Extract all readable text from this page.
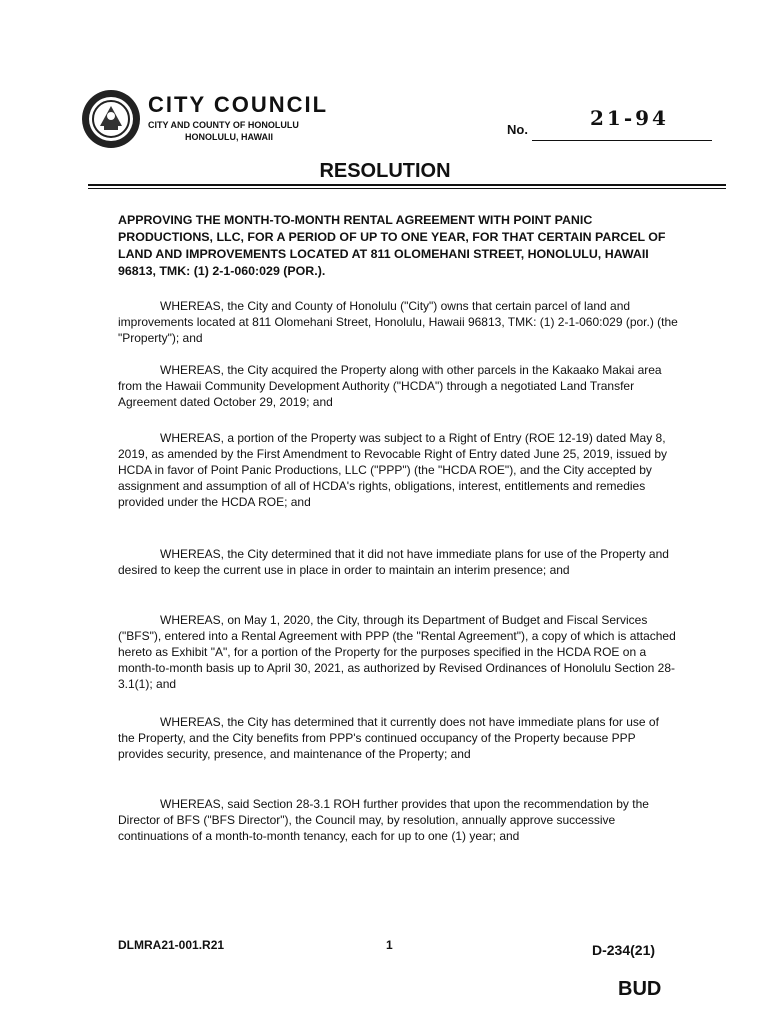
CITY COUNCIL
CITY AND COUNTY OF HONOLULU
HONOLULU, HAWAII	No.	21-94
RESOLUTION
APPROVING THE MONTH-TO-MONTH RENTAL AGREEMENT WITH POINT PANIC PRODUCTIONS, LLC, FOR A PERIOD OF UP TO ONE YEAR, FOR THAT CERTAIN PARCEL OF LAND AND IMPROVEMENTS LOCATED AT 811 OLOMEHANI STREET, HONOLULU, HAWAII 96813, TMK: (1) 2-1-060:029 (POR.).
WHEREAS, the City and County of Honolulu ("City") owns that certain parcel of land and improvements located at 811 Olomehani Street, Honolulu, Hawaii 96813, TMK: (1) 2-1-060:029 (por.) (the "Property"); and
WHEREAS, the City acquired the Property along with other parcels in the Kakaako Makai area from the Hawaii Community Development Authority ("HCDA") through a negotiated Land Transfer Agreement dated October 29, 2019; and
WHEREAS, a portion of the Property was subject to a Right of Entry (ROE 12-19) dated May 8, 2019, as amended by the First Amendment to Revocable Right of Entry dated June 25, 2019, issued by HCDA in favor of Point Panic Productions, LLC ("PPP") (the "HCDA ROE"), and the City accepted by assignment and assumption of all of HCDA's rights, obligations, interest, entitlements and remedies provided under the HCDA ROE; and
WHEREAS, the City determined that it did not have immediate plans for use of the Property and desired to keep the current use in place in order to maintain an interim presence; and
WHEREAS, on May 1, 2020, the City, through its Department of Budget and Fiscal Services ("BFS"), entered into a Rental Agreement with PPP (the "Rental Agreement"), a copy of which is attached hereto as Exhibit "A", for a portion of the Property for the purposes specified in the HCDA ROE on a month-to-month basis up to April 30, 2021, as authorized by Revised Ordinances of Honolulu Section 28-3.1(1); and
WHEREAS, the City has determined that it currently does not have immediate plans for use of the Property, and the City benefits from PPP's continued occupancy of the Property because PPP provides security, presence, and maintenance of the Property; and
WHEREAS, said Section 28-3.1 ROH further provides that upon the recommendation by the Director of BFS ("BFS Director"), the Council may, by resolution, annually approve successive continuations of a month-to-month tenancy, each for up to one (1) year; and
DLMRA21-001.R21	1	D-234(21)
BUD
